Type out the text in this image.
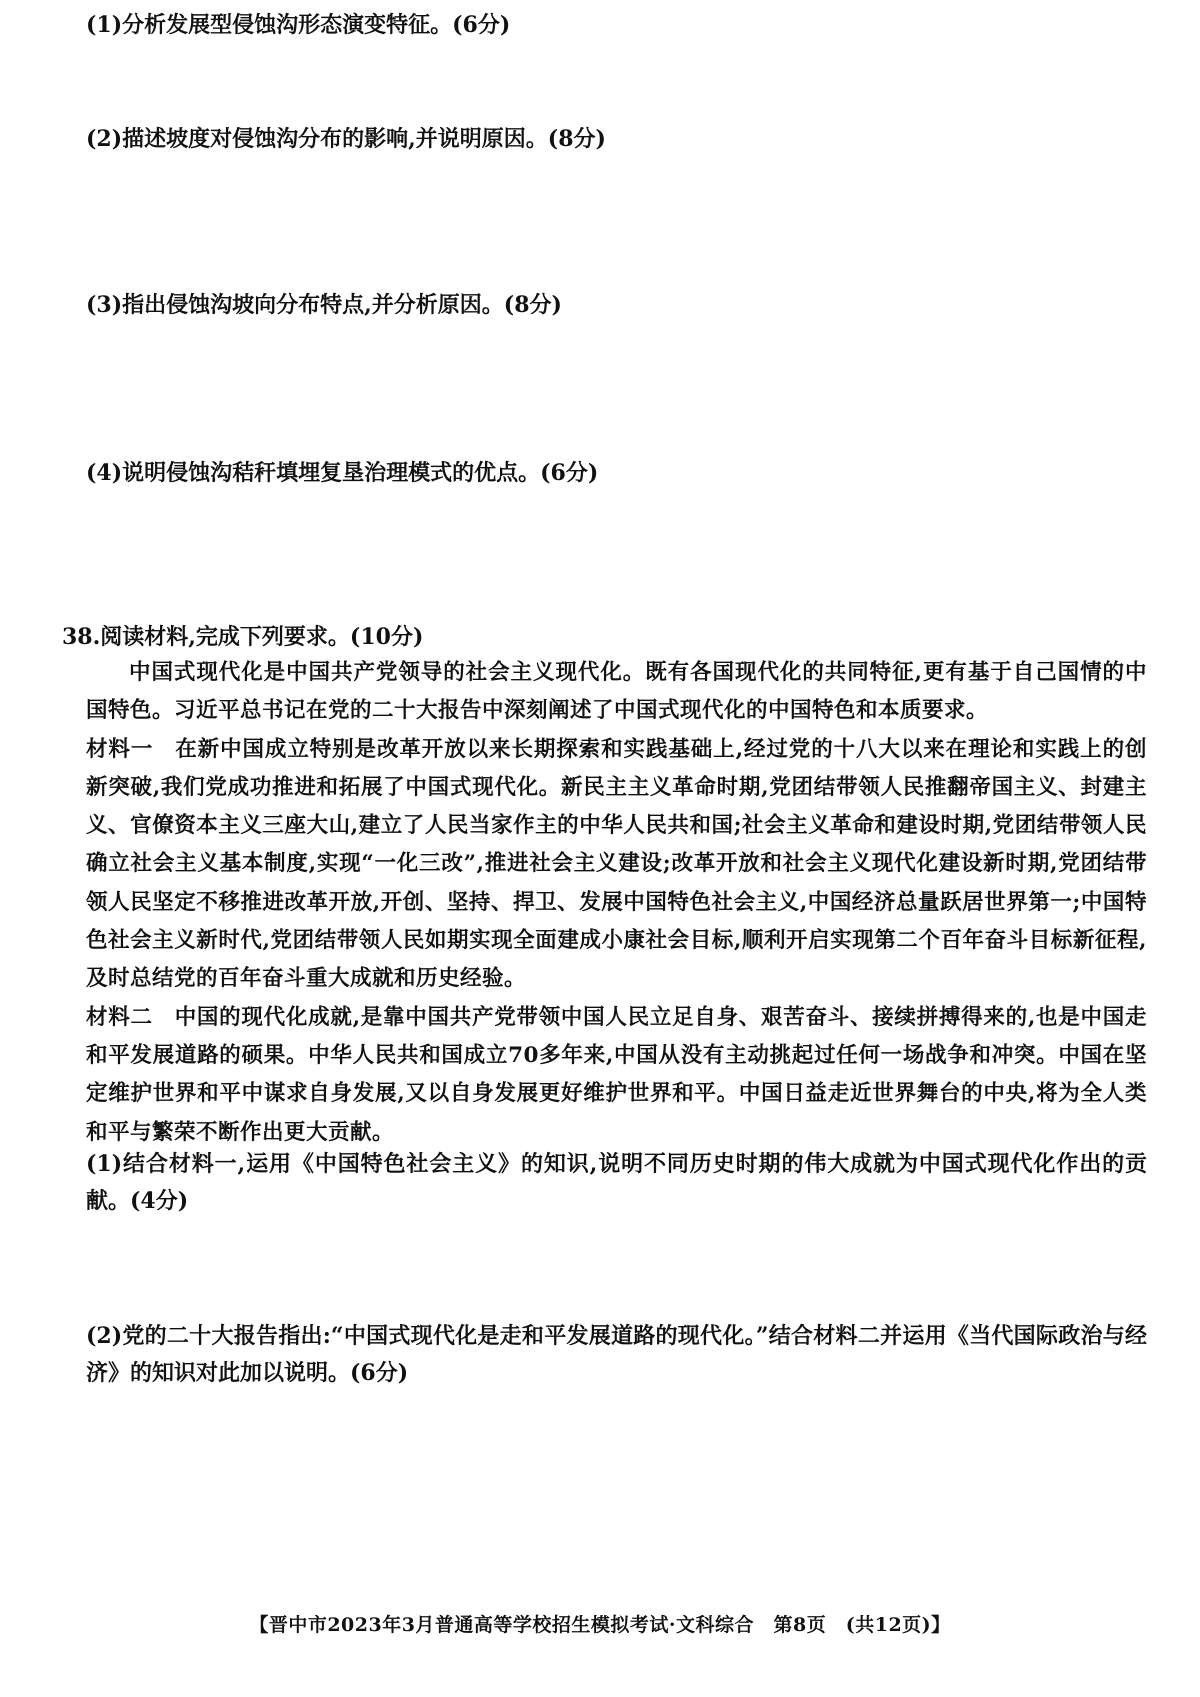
(1)分析发展型侵蚀沟形态演变特征。(6分)
(2)描述坡度对侵蚀沟分布的影响,并说明原因。(8分)
(3)指出侵蚀沟坡向分布特点,并分析原因。(8分)
(4)说明侵蚀沟秸秆填埋复垦治理模式的优点。(6分)
38.阅读材料,完成下列要求。(10分)

中国式现代化是中国共产党领导的社会主义现代化。既有各国现代化的共同特征,更有基于自己国情的中国特色。习近平总书记在党的二十大报告中深刻阐述了中国式现代化的中国特色和本质要求。

材料一 在新中国成立特别是改革开放以来长期探索和实践基础上,经过党的十八大以来在理论和实践上的创新突破,我们党成功推进和拓展了中国式现代化。新民主主义革命时期,党团结带领人民推翻帝国主义、封建主义、官僚资本主义三座大山,建立了人民当家作主的中华人民共和国;社会主义革命和建设时期,党团结带领人民确立社会主义基本制度,实现“一化三改”,推进社会主义建设;改革开放和社会主义现代化建设新时期,党团结带领人民坚定不移推进改革开放,开创、坚持、捍卫、发展中国特色社会主义,中国经济总量跃居世界第一;中国特色社会主义新时代,党团结带领人民如期实现全面建成小康社会目标,顺利开启实现第二个百年奋斗目标新征程,及时总结党的百年奋斗重大成就和历史经验。

材料二 中国的现代化成就,是靠中国共产党带领中国人民立足自身、艰苦奋斗、接续拼搏得来的,也是中国走和平发展道路的硕果。中华人民共和国成立70多年来,中国从没有主动挑起过任何一场战争和冲突。中国在坚定维护世界和平中谋求自身发展,又以自身发展更好维护世界和平。中国日益走近世界舞台的中央,将为全人类和平与繁荣不断作出更大贡献。

(1)结合材料一,运用《中国特色社会主义》的知识,说明不同历史时期的伟大成就为中国式现代化作出的贡献。(4分)

(2)党的二十大报告指出:“中国式现代化是走和平发展道路的现代化。”结合材料二并运用《当代国际政治与经济》的知识对此加以说明。(6分)

【晋中市2023年3月普通高等学校招生模拟考试·文科综合　第8页　(共12页)】
